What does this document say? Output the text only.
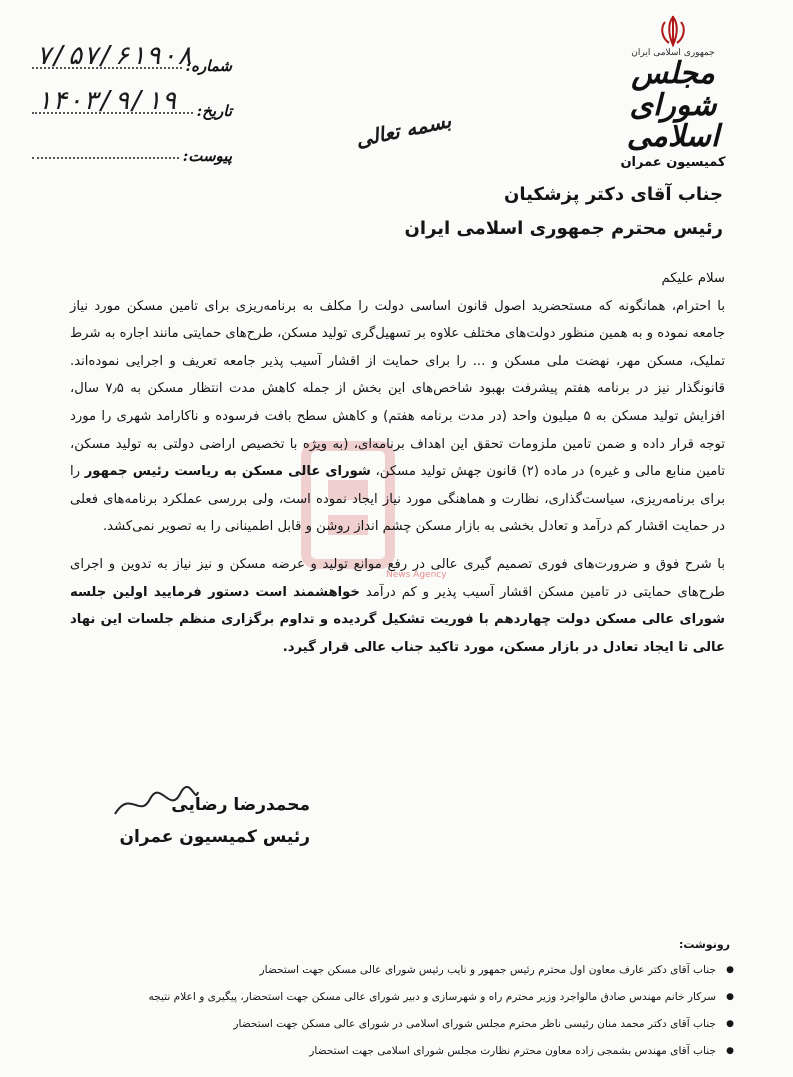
شماره:
۷/۵۷/۶۱۹۰۸
تاریخ:
۱۴۰۳/۹/۱۹
پیوست:
بسمه تعالی
جمهوری اسلامی ایران
مجلس شورای اسلامی
کمیسیون عمران
جناب آقای دکتر پزشکیان
رئیس محترم جمهوری اسلامی ایران
News Agency

سلام علیکم

با احترام، همانگونه که مستحضرید اصول قانون اساسی دولت را مکلف به برنامه‌ریزی برای تامین مسکن مورد نیاز جامعه نموده و به همین منظور دولت‌های مختلف علاوه بر تسهیل‌گری تولید مسکن، طرح‌های حمایتی مانند اجاره به شرط تملیک، مسکن مهر، نهضت ملی مسکن و ... را برای حمایت از اقشار آسیب پذیر جامعه تعریف و اجرایی نموده‌اند. قانونگذار نیز در برنامه هفتم پیشرفت بهبود شاخص‌های این بخش از جمله کاهش مدت انتظار مسکن به ۷٫۵ سال، افزایش تولید مسکن به ۵ میلیون واحد (در مدت برنامه هفتم) و کاهش سطح بافت فرسوده و ناکارامد شهری را مورد توجه قرار داده و ضمن تامین ملزومات تحقق این اهداف برنامه‌ای، (به ویژه با تخصیص اراضی دولتی به تولید مسکن، تامین منابع مالی و غیره) در ماده (۲) قانون جهش تولید مسکن، شورای عالی مسکن به ریاست رئیس جمهور را برای برنامه‌ریزی، سیاست‌گذاری، نظارت و هماهنگی مورد نیاز ایجاد نموده است، ولی بررسی عملکرد برنامه‌های فعلی در حمایت اقشار کم درآمد و تعادل بخشی به بازار مسکن چشم انداز روشن و قابل اطمینانی را به تصویر نمی‌کشد.

با شرح فوق و ضرورت‌های فوری تصمیم گیری عالی در رفع موانع تولید و عرضه مسکن و نیز نیاز به تدوین و اجرای طرح‌های حمایتی در تامین مسکن اقشار آسیب پذیر و کم درآمد خواهشمند است دستور فرمایید اولین جلسه شورای عالی مسکن دولت چهاردهم با فوریت تشکیل گردیده و تداوم برگزاری منظم جلسات این نهاد عالی تا ایجاد تعادل در بازار مسکن، مورد تاکید جناب عالی قرار گیرد.

محمدرضا رضایی
رئیس کمیسیون عمران
رونوشت:
● جناب آقای دکتر عارف معاون اول محترم رئیس جمهور و نایب رئیس شورای عالی مسکن جهت استحضار
● سرکار خانم مهندس صادق مالواجرد وزیر محترم راه و شهرسازی و دبیر شورای عالی مسکن جهت استحضار، پیگیری و اعلام نتیجه
● جناب آقای دکتر محمد منان رئیسی ناظر محترم مجلس شورای اسلامی در شورای عالی مسکن جهت استحضار
● جناب آقای مهندس بشمجی زاده معاون محترم نظارت مجلس شورای اسلامی جهت استحضار
